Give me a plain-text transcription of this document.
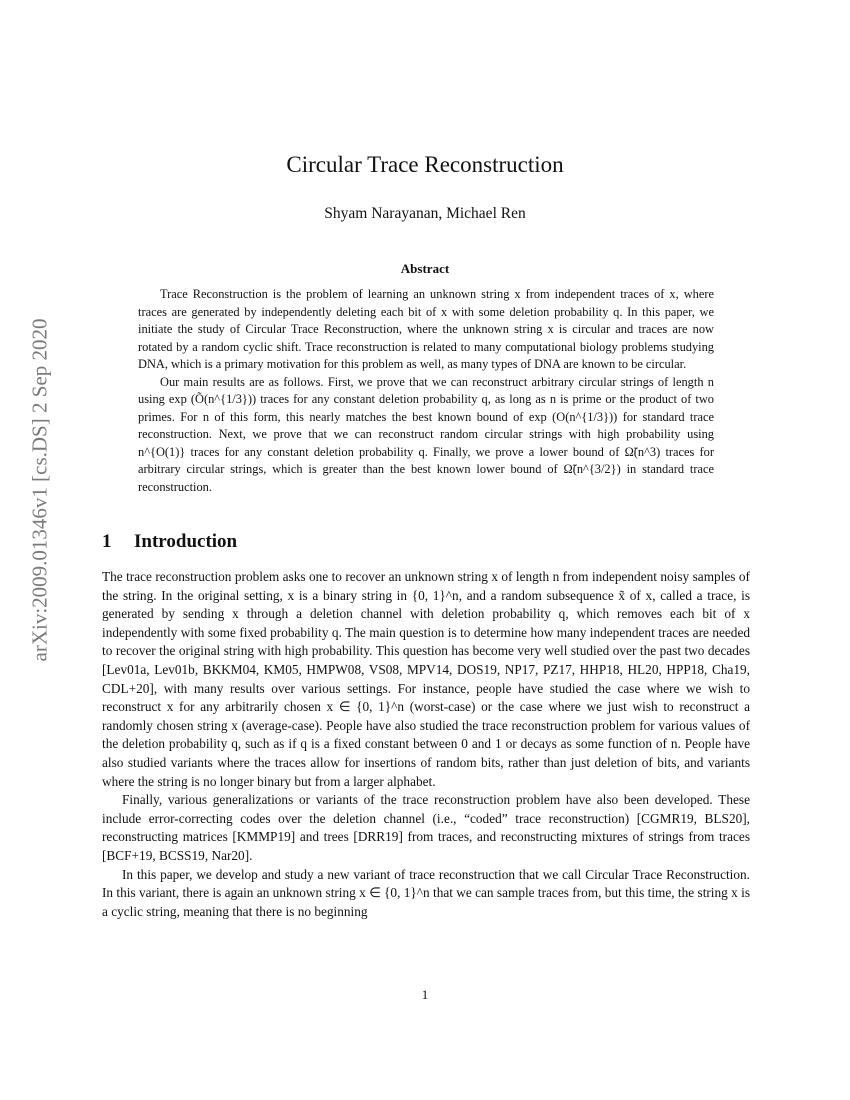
arXiv:2009.01346v1 [cs.DS] 2 Sep 2020
Circular Trace Reconstruction
Shyam Narayanan, Michael Ren
Abstract

Trace Reconstruction is the problem of learning an unknown string x from independent traces of x, where traces are generated by independently deleting each bit of x with some deletion probability q. In this paper, we initiate the study of Circular Trace Reconstruction, where the unknown string x is circular and traces are now rotated by a random cyclic shift. Trace reconstruction is related to many computational biology problems studying DNA, which is a primary motivation for this problem as well, as many types of DNA are known to be circular.

Our main results are as follows. First, we prove that we can reconstruct arbitrary circular strings of length n using exp (Õ(n^{1/3})) traces for any constant deletion probability q, as long as n is prime or the product of two primes. For n of this form, this nearly matches the best known bound of exp (O(n^{1/3})) for standard trace reconstruction. Next, we prove that we can reconstruct random circular strings with high probability using n^{O(1)} traces for any constant deletion probability q. Finally, we prove a lower bound of Ω̃(n^3) traces for arbitrary circular strings, which is greater than the best known lower bound of Ω̃(n^{3/2}) in standard trace reconstruction.

1 Introduction

The trace reconstruction problem asks one to recover an unknown string x of length n from independent noisy samples of the string. In the original setting, x is a binary string in {0, 1}^n, and a random subsequence x̃ of x, called a trace, is generated by sending x through a deletion channel with deletion probability q, which removes each bit of x independently with some fixed probability q. The main question is to determine how many independent traces are needed to recover the original string with high probability. This question has become very well studied over the past two decades [Lev01a, Lev01b, BKKM04, KM05, HMPW08, VS08, MPV14, DOS19, NP17, PZ17, HHP18, HL20, HPP18, Cha19, CDL+20], with many results over various settings. For instance, people have studied the case where we wish to reconstruct x for any arbitrarily chosen x ∈ {0, 1}^n (worst-case) or the case where we just wish to reconstruct a randomly chosen string x (average-case). People have also studied the trace reconstruction problem for various values of the deletion probability q, such as if q is a fixed constant between 0 and 1 or decays as some function of n. People have also studied variants where the traces allow for insertions of random bits, rather than just deletion of bits, and variants where the string is no longer binary but from a larger alphabet.

Finally, various generalizations or variants of the trace reconstruction problem have also been developed. These include error-correcting codes over the deletion channel (i.e., “coded” trace reconstruction) [CGMR19, BLS20], reconstructing matrices [KMMP19] and trees [DRR19] from traces, and reconstructing mixtures of strings from traces [BCF+19, BCSS19, Nar20].

In this paper, we develop and study a new variant of trace reconstruction that we call Circular Trace Reconstruction. In this variant, there is again an unknown string x ∈ {0, 1}^n that we can sample traces from, but this time, the string x is a cyclic string, meaning that there is no beginning

1
